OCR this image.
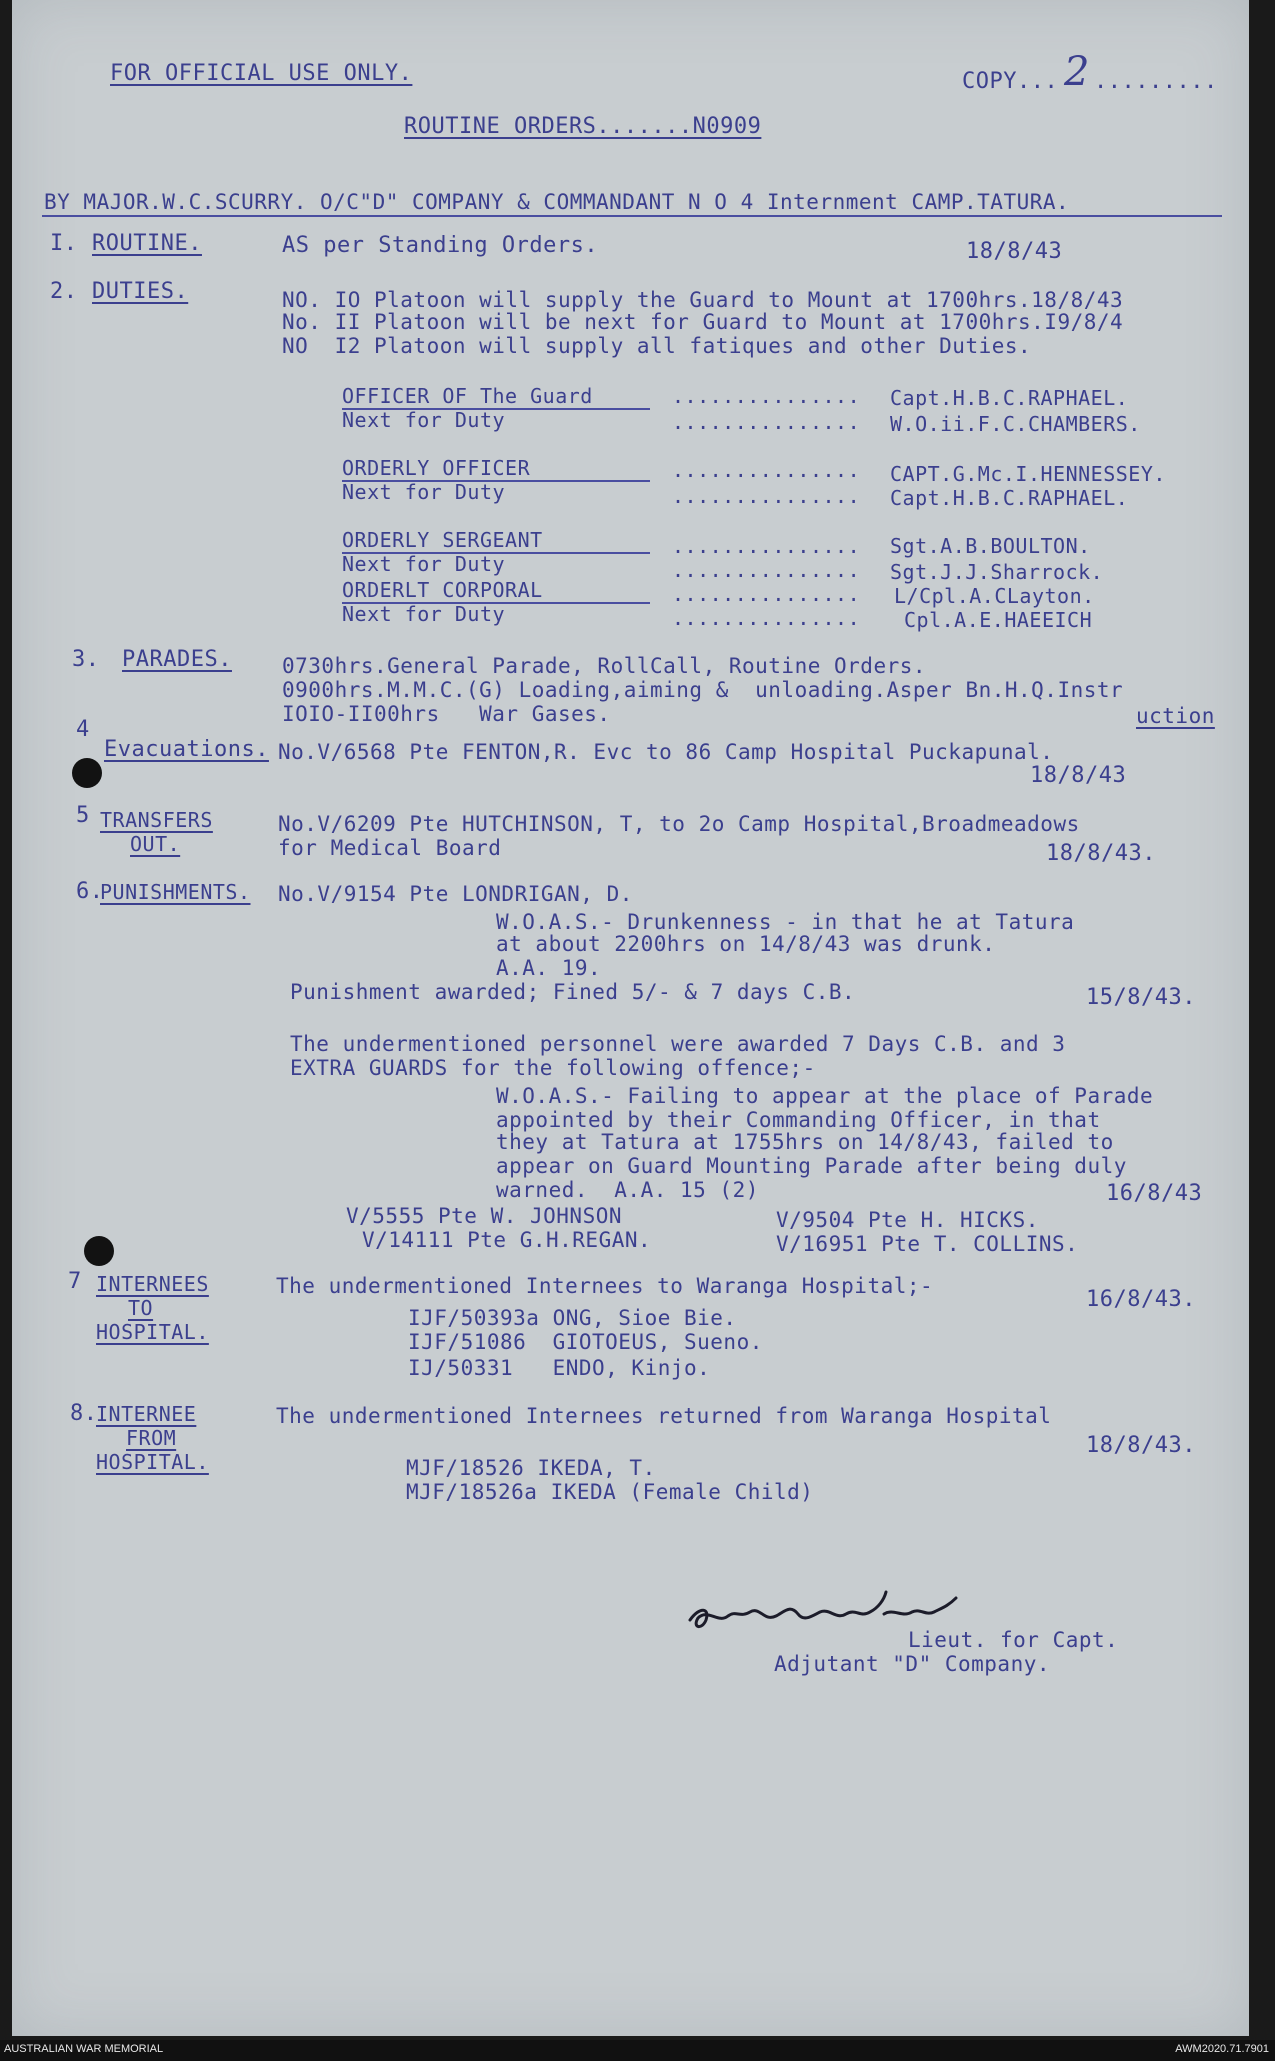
FOR OFFICIAL USE ONLY.	COPY... 2 .........
ROUTINE ORDERS.......N0909
BY MAJOR.W.C.SCURRY. O/C"D" COMPANY & COMMANDANT N O 4 Internment CAMP.TATURA.
I. ROUTINE.	AS per Standing Orders.	18/8/43
2. DUTIES.	NO. IO Platoon will supply the Guard to Mount at 1700hrs.18/8/43
No. II Platoon will be next for Guard to Mount at 1700hrs.I9/8/4
NO  I2 Platoon will supply all fatiques and other Duties.
OFFICER OF The Guard	............... Capt.H.B.C.RAPHAEL.
Next for Duty	............... W.O.ii.F.C.CHAMBERS.
ORDERLY OFFICER	............... CAPT.G.Mc.I.HENNESSEY.
Next for Duty	............... Capt.H.B.C.RAPHAEL.
ORDERLY SERGEANT	............... Sgt.A.B.BOULTON.
Next for Duty	............... Sgt.J.J.Sharrock.
ORDERLT CORPORAL	............... L/Cpl.A.CLayton.
Next for Duty	............... Cpl.A.E.HAEEICH
3. PARADES. 0730hrs.General Parade, RollCall, Routine Orders.
0900hrs.M.M.C.(G) Loading,aiming &  unloading.Asper Bn.H.Q.Instr
IOIO-II00hrs   War Gases.	uction
4
Evacuations. No.V/6568 Pte FENTON,R. Evc to 86 Camp Hospital Puckapunal.
18/8/43
5 TRANSFERS
OUT.
No.V/6209 Pte HUTCHINSON, T, to 2o Camp Hospital,Broadmeadows
for Medical Board	18/8/43.
6.
PUNISHMENTS. No.V/9154 Pte LONDRIGAN, D.
W.O.A.S.- Drunkenness - in that he at Tatura
at about 2200hrs on 14/8/43 was drunk.
A.A. 19.
Punishment awarded; Fined 5/- & 7 days C.B.	15/8/43.
The undermentioned personnel were awarded 7 Days C.B. and 3
EXTRA GUARDS for the following offence;-
W.O.A.S.- Failing to appear at the place of Parade
appointed by their Commanding Officer, in that
they at Tatura at 1755hrs on 14/8/43, failed to
appear on Guard Mounting Parade after being duly
warned.  A.A. 15 (2)	16/8/43
V/5555 Pte W. JOHNSON	V/9504 Pte H. HICKS.
V/14111 Pte G.H.REGAN.	V/16951 Pte T. COLLINS.
7 INTERNEES
TO
HOSPITAL.
The undermentioned Internees to Waranga Hospital;-
16/8/43.
IJF/50393a ONG, Sioe Bie.
IJF/51086  GIOTOEUS, Sueno.
IJ/50331   ENDO, Kinjo.
8.
INTERNEE
FROM
HOSPITAL.
The undermentioned Internees returned from Waranga Hospital
18/8/43.
MJF/18526 IKEDA, T.
MJF/18526a IKEDA (Female Child)
Lieut. for Capt.
Adjutant "D" Company.
AUSTRALIAN WAR MEMORIAL	AWM2020.71.7901
